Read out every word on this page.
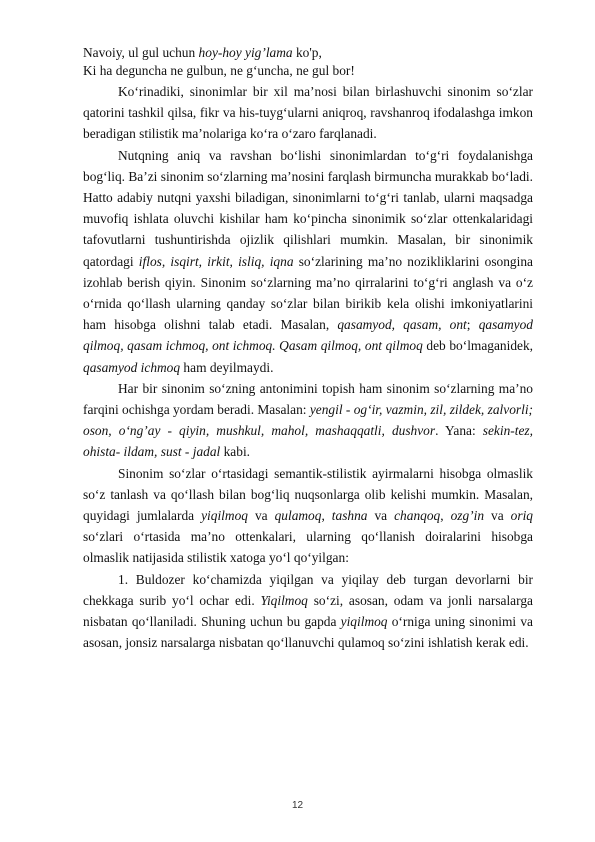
Navoiy, ul gul uchun hoy-hoy yig’lama ko'p,
Ki ha deguncha ne gulbun, ne g‘uncha, ne gul bor!

Ko‘rinadiki, sinonimlar bir xil ma’nosi bilan birlashuvchi sinonim so‘zlar qatorini tashkil qilsa, fikr va his-tuyg‘ularni aniqroq, ravshanroq ifodalashga imkon beradigan stilistik ma’nolariga ko‘ra o‘zaro farqlanadi.

Nutqning aniq va ravshan bo‘lishi sinonimlardan to‘g‘ri foydalanishga bog‘liq. Ba’zi sinonim so‘zlarning ma’nosini farqlash birmuncha murakkab bo‘ladi. Hatto adabiy nutqni yaxshi biladigan, sinonimlarni to‘g‘ri tanlab, ularni maqsadga muvofiq ishlata oluvchi kishilar ham ko‘pincha sinonimik so‘zlar ottenkalaridagi tafovutlarni tushuntirishda ojizlik qilishlari mumkin. Masalan, bir sinonimik qatordagi iflos, isqirt, irkit, isliq, iqna so‘zlarining ma’no nozikliklarini osongina izohlab berish qiyin. Sinonim so‘zlarning ma’no qirralarini to‘g‘ri anglash va o‘z o‘rnida qo‘llash ularning qanday so‘zlar bilan birikib kela olishi imkoniyatlarini ham hisobga olishni talab etadi. Masalan, qasamyod, qasam, ont; qasamyod qilmoq, qasam ichmoq, ont ichmoq. Qasam qilmoq, ont qilmoq deb bo‘lmaganidek, qasamyod ichmoq ham deyilmaydi.

Har bir sinonim so‘zning antonimini topish ham sinonim so‘zlarning ma’no farqini ochishga yordam beradi. Masalan: yengil - og‘ir, vazmin, zil, zildek, zalvorli; oson, o‘ng’ay - qiyin, mushkul, mahol, mashaqqatli, dushvor. Yana: sekin-tez, ohista- ildam, sust - jadal kabi.

Sinonim so‘zlar o‘rtasidagi semantik-stilistik ayirmalarni hisobga olmaslik so‘z tanlash va qo‘llash bilan bog‘liq nuqsonlarga olib kelishi mumkin. Masalan, quyidagi jumlalarda yiqilmoq va qulamoq, tashna va chanqoq, ozg’in va oriq so‘zlari o‘rtasida ma’no ottenkalari, ularning qo‘llanish doiralarini hisobga olmaslik natijasida stilistik xatoga yo‘l qo‘yilgan:

1. Buldozer ko‘chamizda yiqilgan va yiqilay deb turgan devorlarni bir chekkaga surib yo‘l ochar edi. Yiqilmoq so‘zi, asosan, odam va jonli narsalarga nisbatan qo‘llaniladi. Shuning uchun bu gapda yiqilmoq o‘rniga uning sinonimi va asosan, jonsiz narsalarga nisbatan qo‘llanuvchi qulamoq so‘zini ishlatish kerak edi.

12
